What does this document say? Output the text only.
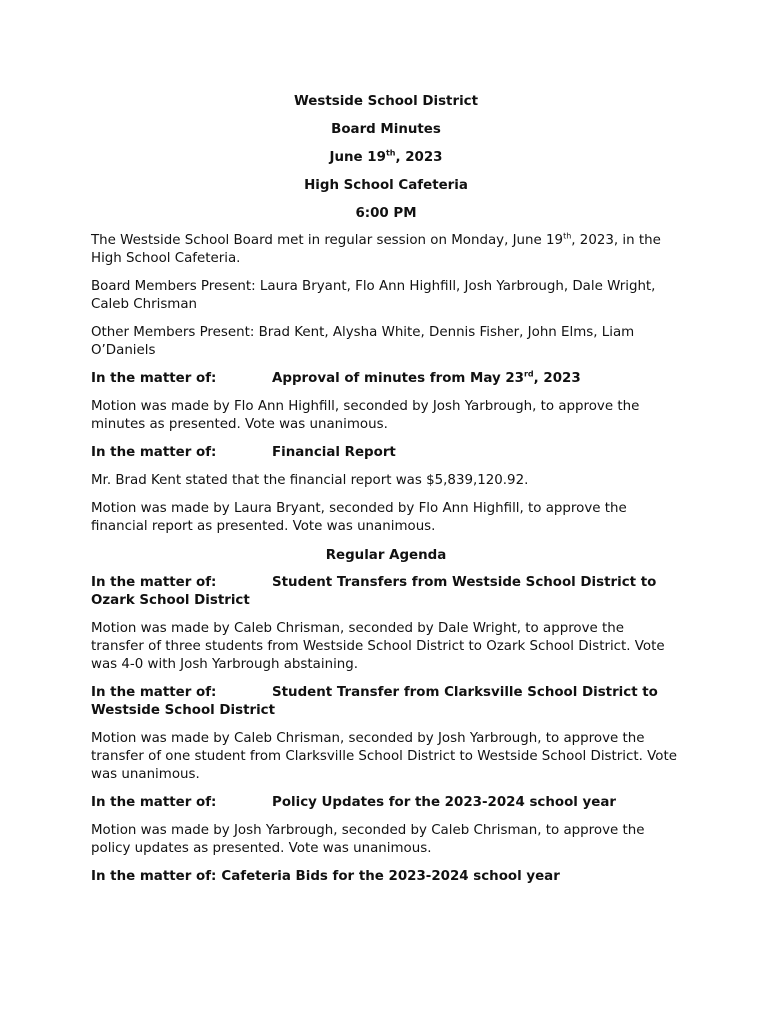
Westside School District
Board Minutes
June 19th, 2023
High School Cafeteria
6:00 PM

The Westside School Board met in regular session on Monday, June 19th, 2023, in the High School Cafeteria.

Board Members Present: Laura Bryant, Flo Ann Highfill, Josh Yarbrough, Dale Wright, Caleb Chrisman

Other Members Present: Brad Kent, Alysha White, Dennis Fisher, John Elms, Liam O’Daniels

In the matter of:	Approval of minutes from May 23rd, 2023

Motion was made by Flo Ann Highfill, seconded by Josh Yarbrough, to approve the minutes as presented. Vote was unanimous.

In the matter of:	Financial Report

Mr. Brad Kent stated that the financial report was $5,839,120.92.

Motion was made by Laura Bryant, seconded by Flo Ann Highfill, to approve the financial report as presented. Vote was unanimous.

Regular Agenda

In the matter of:	Student Transfers from Westside School District to Ozark School District

Motion was made by Caleb Chrisman, seconded by Dale Wright, to approve the transfer of three students from Westside School District to Ozark School District. Vote was 4-0 with Josh Yarbrough abstaining.

In the matter of:	Student Transfer from Clarksville School District to Westside School District

Motion was made by Caleb Chrisman, seconded by Josh Yarbrough, to approve the transfer of one student from Clarksville School District to Westside School District. Vote was unanimous.

In the matter of:	Policy Updates for the 2023-2024 school year

Motion was made by Josh Yarbrough, seconded by Caleb Chrisman, to approve the policy updates as presented. Vote was unanimous.

In the matter of: Cafeteria Bids for the 2023-2024 school year
